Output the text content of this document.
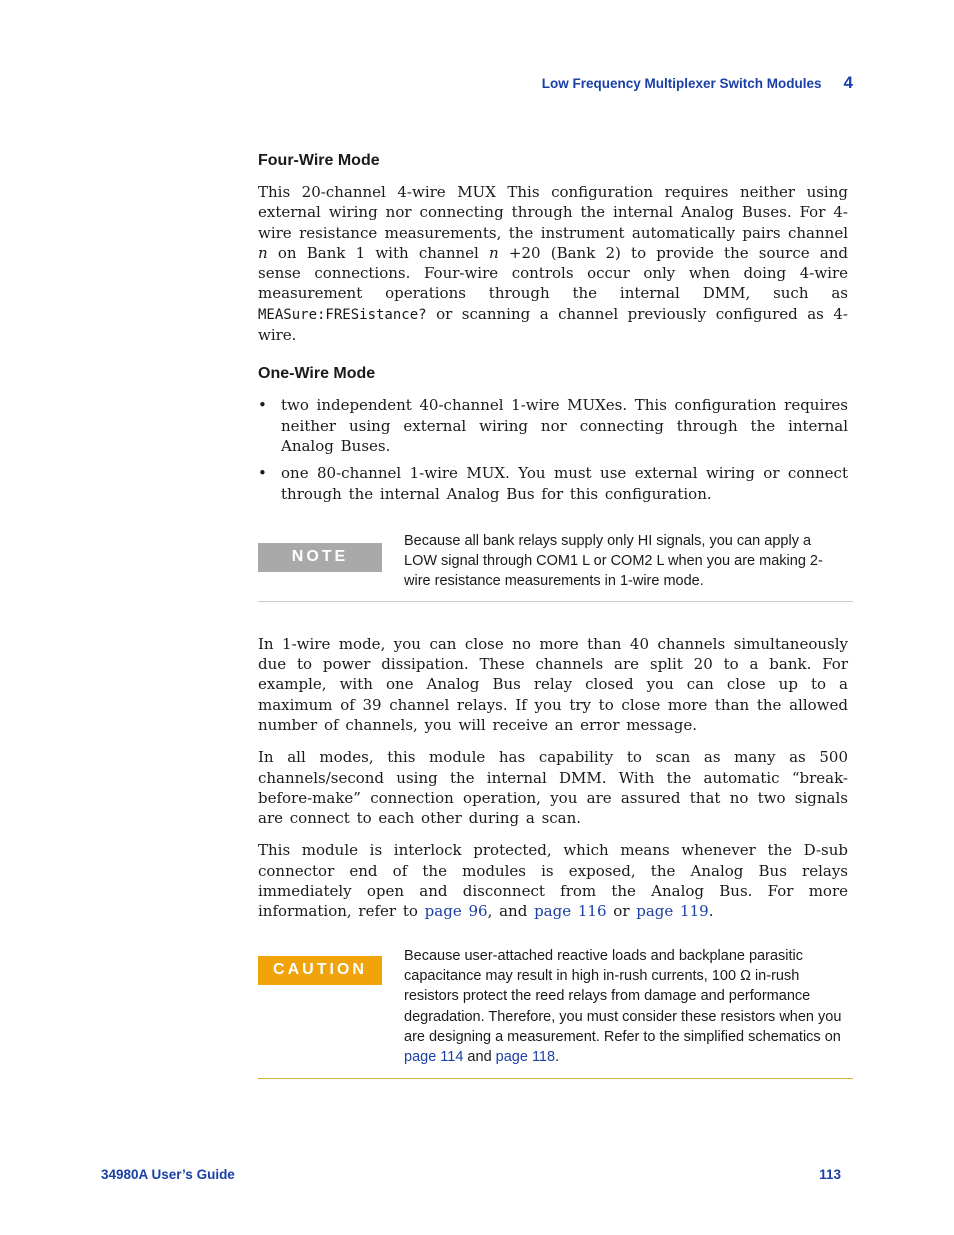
Low Frequency Multiplexer Switch Modules 4
Four-Wire Mode

This 20-channel 4-wire MUX This configuration requires neither using external wiring nor connecting through the internal Analog Buses. For 4-wire resistance measurements, the instrument automatically pairs channel n on Bank 1 with channel n +20 (Bank 2) to provide the source and sense connections. Four-wire controls occur only when doing 4-wire measurement operations through the internal DMM, such as MEASure:FRESistance? or scanning a channel previously configured as 4-wire.

One-Wire Mode
• two independent 40-channel 1-wire MUXes. This configuration requires neither using external wiring nor connecting through the internal Analog Buses.
• one 80-channel 1-wire MUX. You must use external wiring or connect through the internal Analog Bus for this configuration.
NOTE
Because all bank relays supply only HI signals, you can apply a LOW signal through COM1 L or COM2 L when you are making 2-wire resistance measurements in 1-wire mode.

In 1-wire mode, you can close no more than 40 channels simultaneously due to power dissipation. These channels are split 20 to a bank. For example, with one Analog Bus relay closed you can close up to a maximum of 39 channel relays. If you try to close more than the allowed number of channels, you will receive an error message.

In all modes, this module has capability to scan as many as 500 channels/second using the internal DMM. With the automatic “break-before-make” connection operation, you are assured that no two signals are connect to each other during a scan.

This module is interlock protected, which means whenever the D-sub connector end of the modules is exposed, the Analog Bus relays immediately open and disconnect from the Analog Bus. For more information, refer to page 96, and page 116 or page 119.

CAUTION
Because user-attached reactive loads and backplane parasitic capacitance may result in high in-rush currents, 100 Ω in-rush resistors protect the reed relays from damage and performance degradation. Therefore, you must consider these resistors when you are designing a measurement. Refer to the simplified schematics on page 114 and page 118.
34980A User’s Guide	113
